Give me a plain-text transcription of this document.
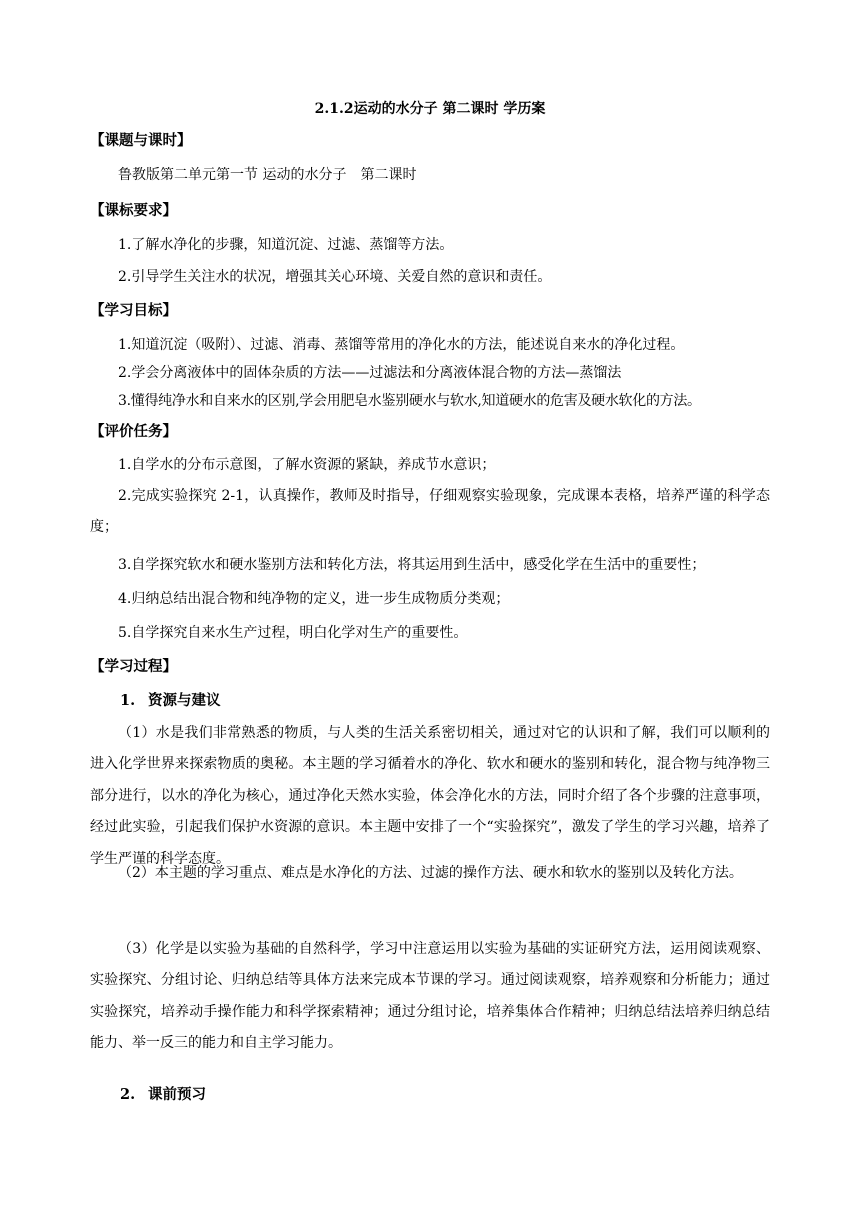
2.1.2运动的水分子 第二课时 学历案
【课题与课时】
鲁教版第二单元第一节 运动的水分子　第二课时
【课标要求】
1.了解水净化的步骤，知道沉淀、过滤、蒸馏等方法。
2.引导学生关注水的状况，增强其关心环境、关爱自然的意识和责任。
【学习目标】
1.知道沉淀（吸附）、过滤、消毒、蒸馏等常用的净化水的方法，能述说自来水的净化过程。
2.学会分离液体中的固体杂质的方法——过滤法和分离液体混合物的方法—蒸馏法
3.懂得纯净水和自来水的区别,学会用肥皂水鉴别硬水与软水,知道硬水的危害及硬水软化的方法。
【评价任务】
1.自学水的分布示意图，了解水资源的紧缺，养成节水意识；
2.完成实验探究 2-1，认真操作，教师及时指导，仔细观察实验现象，完成课本表格，培养严谨的科学态度；
3.自学探究软水和硬水鉴别方法和转化方法，将其运用到生活中，感受化学在生活中的重要性；
4.归纳总结出混合物和纯净物的定义，进一步生成物质分类观；
5.自学探究自来水生产过程，明白化学对生产的重要性。
【学习过程】
1. 资源与建议
（1）水是我们非常熟悉的物质，与人类的生活关系密切相关，通过对它的认识和了解，我们可以顺利的进入化学世界来探索物质的奥秘。本主题的学习循着水的净化、软水和硬水的鉴别和转化，混合物与纯净物三部分进行，以水的净化为核心，通过净化天然水实验，体会净化水的方法，同时介绍了各个步骤的注意事项，经过此实验，引起我们保护水资源的意识。本主题中安排了一个“实验探究”，激发了学生的学习兴趣，培养了学生严谨的科学态度。
（2）本主题的学习重点、难点是水净化的方法、过滤的操作方法、硬水和软水的鉴别以及转化方法。
（3）化学是以实验为基础的自然科学，学习中注意运用以实验为基础的实证研究方法，运用阅读观察、实验探究、分组讨论、归纳总结等具体方法来完成本节课的学习。通过阅读观察，培养观察和分析能力；通过实验探究，培养动手操作能力和科学探索精神；通过分组讨论，培养集体合作精神；归纳总结法培养归纳总结能力、举一反三的能力和自主学习能力。
2. 课前预习
